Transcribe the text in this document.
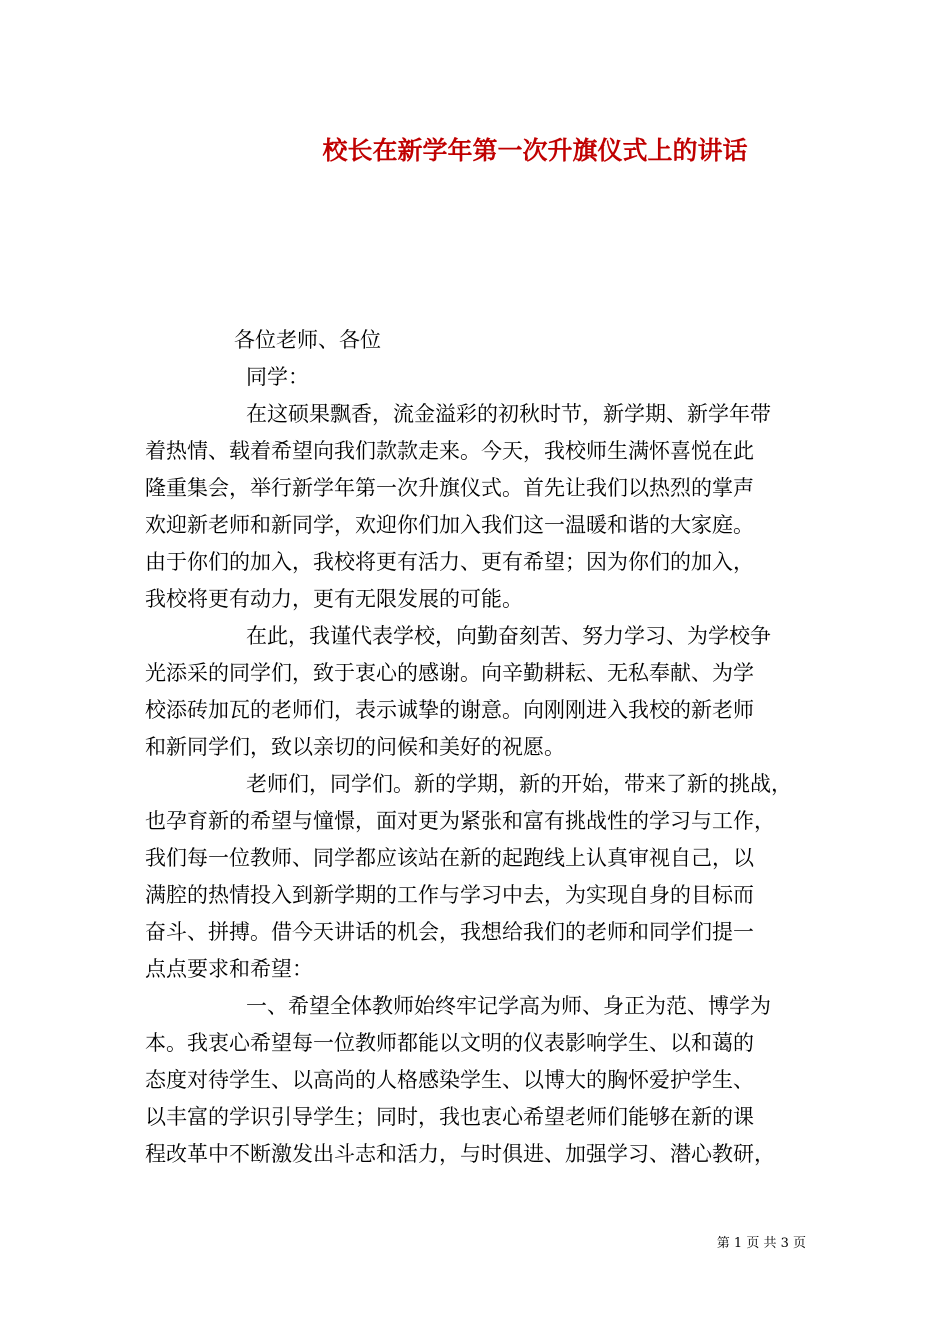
校长在新学年第一次升旗仪式上的讲话
各位老师、各位
同学：
在这硕果飘香，流金溢彩的初秋时节，新学期、新学年带
着热情、载着希望向我们款款走来。今天，我校师生满怀喜悦在此
隆重集会，举行新学年第一次升旗仪式。首先让我们以热烈的掌声
欢迎新老师和新同学，欢迎你们加入我们这一温暖和谐的大家庭。
由于你们的加入，我校将更有活力、更有希望；因为你们的加入，
我校将更有动力，更有无限发展的可能。
在此，我谨代表学校，向勤奋刻苦、努力学习、为学校争
光添采的同学们，致于衷心的感谢。向辛勤耕耘、无私奉献、为学
校添砖加瓦的老师们，表示诚挚的谢意。向刚刚进入我校的新老师
和新同学们，致以亲切的问候和美好的祝愿。
老师们，同学们。新的学期，新的开始，带来了新的挑战，
也孕育新的希望与憧憬，面对更为紧张和富有挑战性的学习与工作，
我们每一位教师、同学都应该站在新的起跑线上认真审视自己，以
满腔的热情投入到新学期的工作与学习中去，为实现自身的目标而
奋斗、拼搏。借今天讲话的机会，我想给我们的老师和同学们提一
点点要求和希望：
一、希望全体教师始终牢记学高为师、身正为范、博学为
本。我衷心希望每一位教师都能以文明的仪表影响学生、以和蔼的
态度对待学生、以高尚的人格感染学生、以博大的胸怀爱护学生、
以丰富的学识引导学生；同时，我也衷心希望老师们能够在新的课
程改革中不断激发出斗志和活力，与时俱进、加强学习、潜心教研，
第 1 页 共 3 页
